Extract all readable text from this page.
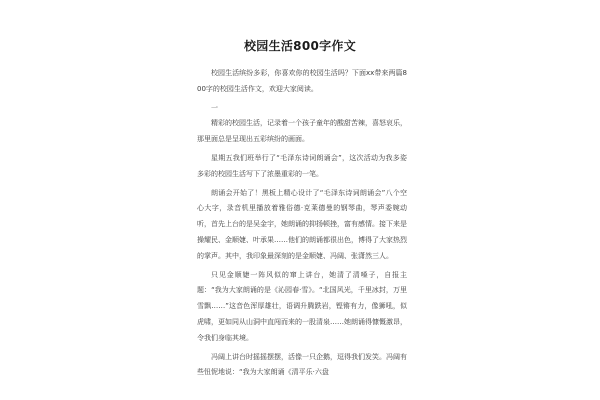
校园生活800字作文

校园生活缤纷多彩，你喜欢你的校园生活吗？下面xx带来两篇800字的校园生活作文，欢迎大家阅读。

一

精彩的校园生活，记录着一个孩子童年的酸甜苦辣，喜怒哀乐，那里面总是呈现出五彩缤纷的画面。

星期五我们班举行了“毛泽东诗词朗诵会”，这次活动为我多姿多彩的校园生活写下了浓墨重彩的一笔。

朗诵会开始了！黑板上精心设计了“毛泽东诗词朗诵会”八个空心大字，录音机里播放着雅俗德·克莱德曼的钢琴曲，琴声委婉动听，首先上台的是吴金宇，她朗诵的抑扬顿挫，富有感情。接下来是操耀民、金顺婕、叶承果……他们的朗诵都很出色，博得了大家热烈的掌声。其中，我印象最深刻的是金顺婕、冯阔、张潇然三人。

只见金顺婕一阵风似的窜上讲台，她清了清嗓子，自报主题：“我为大家朗诵的是《沁园春·雪》。“北国风光，千里冰封，万里雪飘……”这音色浑厚雄壮，语调升腾跌岩，铿锵有力，像狮吼，似虎啸，更如同从山洞中直闯而来的一股清泉……她朗诵得慷慨激昂，令我们身临其境。

冯阔上讲台时摇摇摆摆，活像一只企鹅，逗得我们发笑。冯阔有些忸怩地说：“我为大家朗诵《清平乐·六盘
